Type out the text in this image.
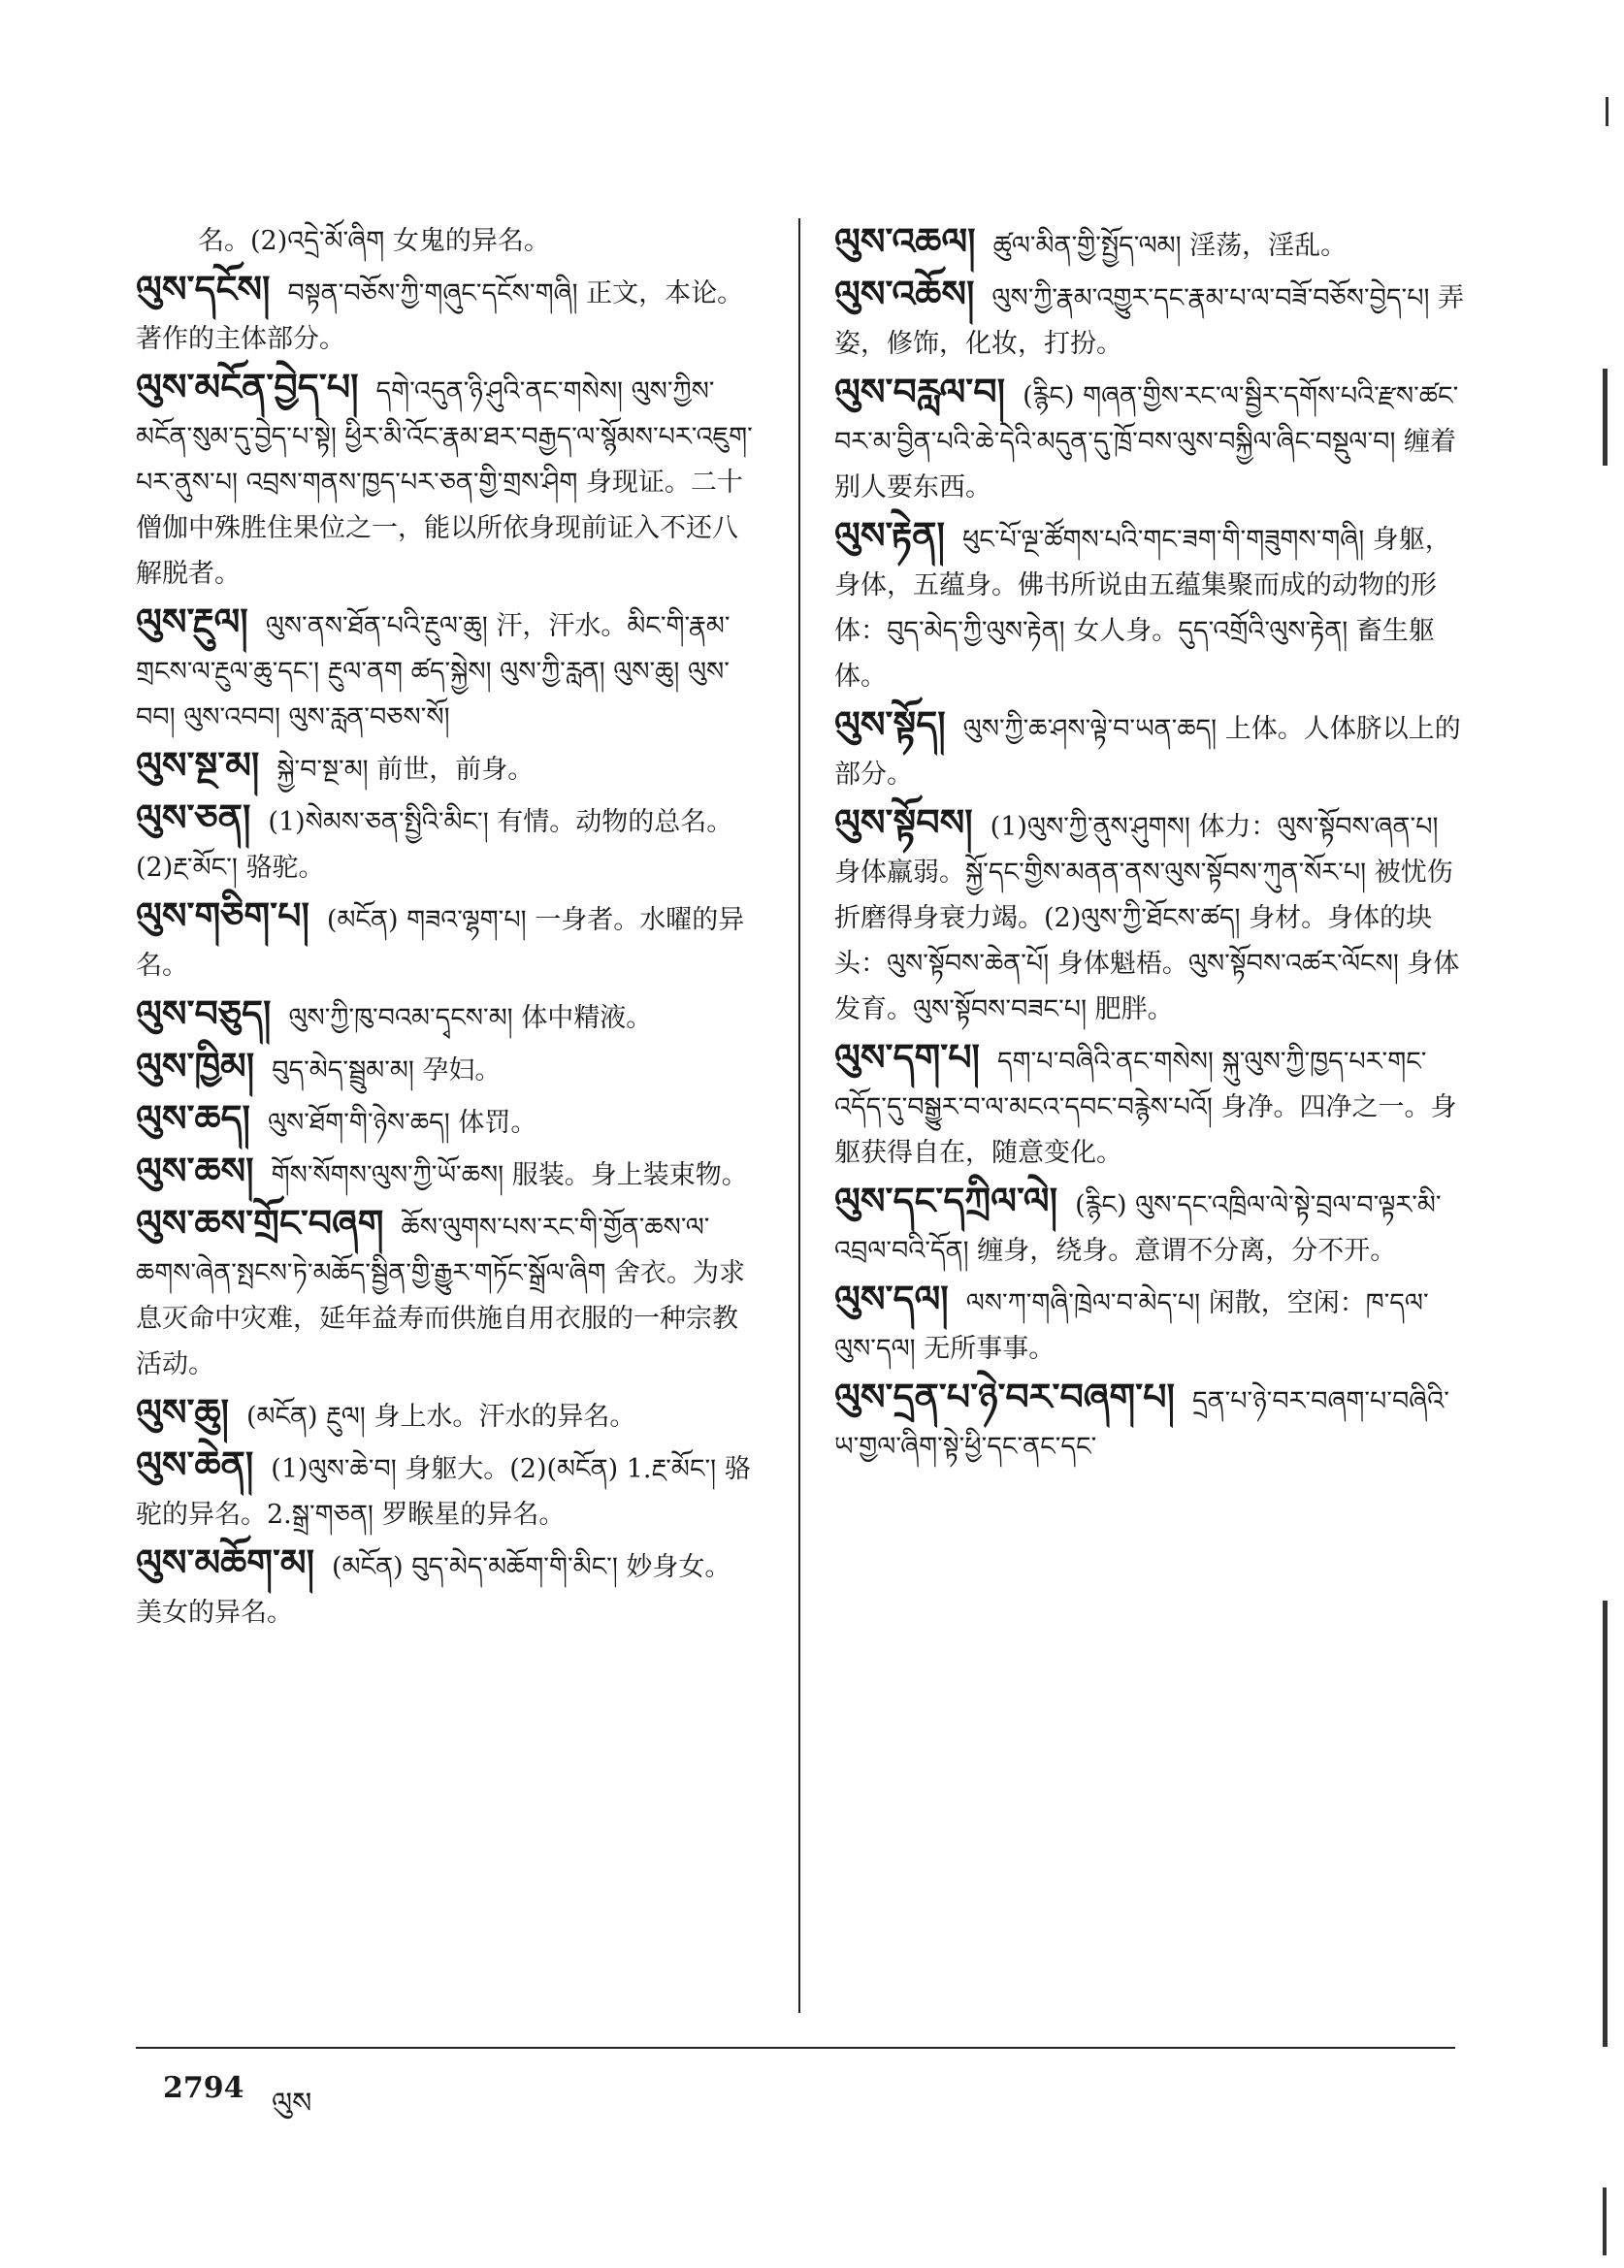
名。(2)འདྲེ་མོ་ཞིག 女鬼的异名。
ལུས་དངོས། བསྟན་བཅོས་ཀྱི་གཞུང་དངོས་གཞི། 正文，本论。著作的主体部分。
ལུས་མངོན་བྱེད་པ། དགེ་འདུན་ཉི་ཤུའི་ནང་གསེས། ལུས་ཀྱིས་མངོན་སུམ་དུ་བྱེད་པ་སྟེ། ཕྱིར་མི་འོང་རྣམ་ཐར་བརྒྱད་ལ་སྙོམས་པར་འཇུག་པར་ནུས་པ། འབྲས་གནས་ཁྱད་པར་ཅན་གྱི་གྲས་ཤིག 身现证。二十僧伽中殊胜住果位之一，能以所依身现前证入不还八解脱者。
ལུས་རྔུལ། ལུས་ནས་ཐོན་པའི་རྔུལ་ཆུ། 汗，汗水。མིང་གི་རྣམ་གྲངས་ལ་རྔུལ་ཆུ་དང་། རྔུལ་ནག ཚད་སྐྱེས། ལུས་ཀྱི་རླན། ལུས་ཆུ། ལུས་བབ། ལུས་འབབ། ལུས་རླན་བཅས་སོ།
ལུས་སྔ་མ། སྐྱེ་བ་སྔ་མ། 前世，前身。
ལུས་ཅན། (1)སེམས་ཅན་སྤྱིའི་མིང་། 有情。动物的总名。(2)རྔ་མོང་། 骆驼。
ལུས་གཅིག་པ། (མངོན) གཟའ་ལྷག་པ། 一身者。水曜的异名。
ལུས་བཅུད། ལུས་ཀྱི་ཁུ་བའམ་དྭངས་མ། 体中精液。
ལུས་ཁྱིམ། བུད་མེད་སྦྲུམ་མ། 孕妇。
ལུས་ཆད། ལུས་ཐོག་གི་ཉེས་ཆད། 体罚。
ལུས་ཆས། གོས་སོགས་ལུས་ཀྱི་ཡོ་ཆས། 服装。身上装束物。
ལུས་ཆས་གྲོང་བཞག ཆོས་ལུགས་པས་རང་གི་གྱོན་ཆས་ལ་ཆགས་ཞེན་སྤངས་ཏེ་མཆོད་སྦྱིན་གྱི་རྒྱུར་གཏོང་སྒྲོལ་ཞིག 舍衣。为求息灭命中灾难，延年益寿而供施自用衣服的一种宗教活动。
ལུས་ཆུ། (མངོན) རྔུལ། 身上水。汗水的异名。
ལུས་ཆེན། (1)ལུས་ཆེ་བ། 身躯大。(2)(མངོན) 1.རྔ་མོང་། 骆驼的异名。2.སྒྲ་གཅན། 罗睺星的异名。
ལུས་མཆོག་མ། (མངོན) བུད་མེད་མཆོག་གི་མིང་། 妙身女。美女的异名。
ལུས་འཆལ། ཚུལ་མིན་གྱི་སྤྱོད་ལམ། 淫荡，淫乱。
ལུས་འཆོས། ལུས་ཀྱི་རྣམ་འགྱུར་དང་རྣམ་པ་ལ་བཟོ་བཅོས་བྱེད་པ། 弄姿，修饰，化妆，打扮。
ལུས་བརླལ་བ། (རྙིང) གཞན་གྱིས་རང་ལ་སྦྱིར་དགོས་པའི་རྫས་ཚང་བར་མ་བྱིན་པའི་ཆེ་དེའི་མདུན་དུ་ཁྲོ་བས་ལུས་བསྐྱིལ་ཞིང་བསྡུལ་བ། 缠着别人要东西。
ལུས་རྟེན། ཕུང་པོ་ལྔ་ཚོགས་པའི་གང་ཟག་གི་གཟུགས་གཞི། 身躯，身体，五蕴身。佛书所说由五蕴集聚而成的动物的形体：བུད་མེད་ཀྱི་ལུས་རྟེན། 女人身。དུད་འགྲོའི་ལུས་རྟེན། 畜生躯体。
ལུས་སྟོད། ལུས་ཀྱི་ཆ་ཤས་ལྟེ་བ་ཡན་ཆད། 上体。人体脐以上的部分。
ལུས་སྟོབས། (1)ལུས་ཀྱི་ནུས་ཤུགས། 体力：ལུས་སྟོབས་ཞན་པ། 身体羸弱。སྐྱོ་དང་གྱིས་མནན་ནས་ལུས་སྟོབས་ཀུན་སོར་པ། 被忧伤折磨得身衰力竭。(2)ལུས་ཀྱི་ཐོངས་ཚད། 身材。身体的块头：ལུས་སྟོབས་ཆེན་པོ། 身体魁梧。ལུས་སྟོབས་འཚར་ལོངས། 身体发育。ལུས་སྟོབས་བཟང་པ། 肥胖。
ལུས་དག་པ། དག་པ་བཞིའི་ནང་གསེས། སྐུ་ལུས་ཀྱི་ཁྱད་པར་གང་འདོད་དུ་བསྒྱུར་བ་ལ་མངའ་དབང་བརྙེས་པའོ། 身净。四净之一。身躯获得自在，随意变化。
ལུས་དང་དཀྲིལ་ལེ། (རྙིང) ལུས་དང་འཁྲིལ་ལེ་སྟེ་བྲལ་བ་ལྟར་མི་འབྲལ་བའི་དོན། 缠身，绕身。意谓不分离，分不开。
ལུས་དལ། ལས་ཀ་གཞི་ཁྲེལ་བ་མེད་པ། 闲散，空闲：ཁ་དལ་ལུས་དལ། 无所事事。
ལུས་དྲན་པ་ཉེ་བར་བཞག་པ། དྲན་པ་ཉེ་བར་བཞག་པ་བཞིའི་ཡ་གྱལ་ཞིག་སྟེ་ཕྱི་དང་ནང་དང་
2794 ལུས
